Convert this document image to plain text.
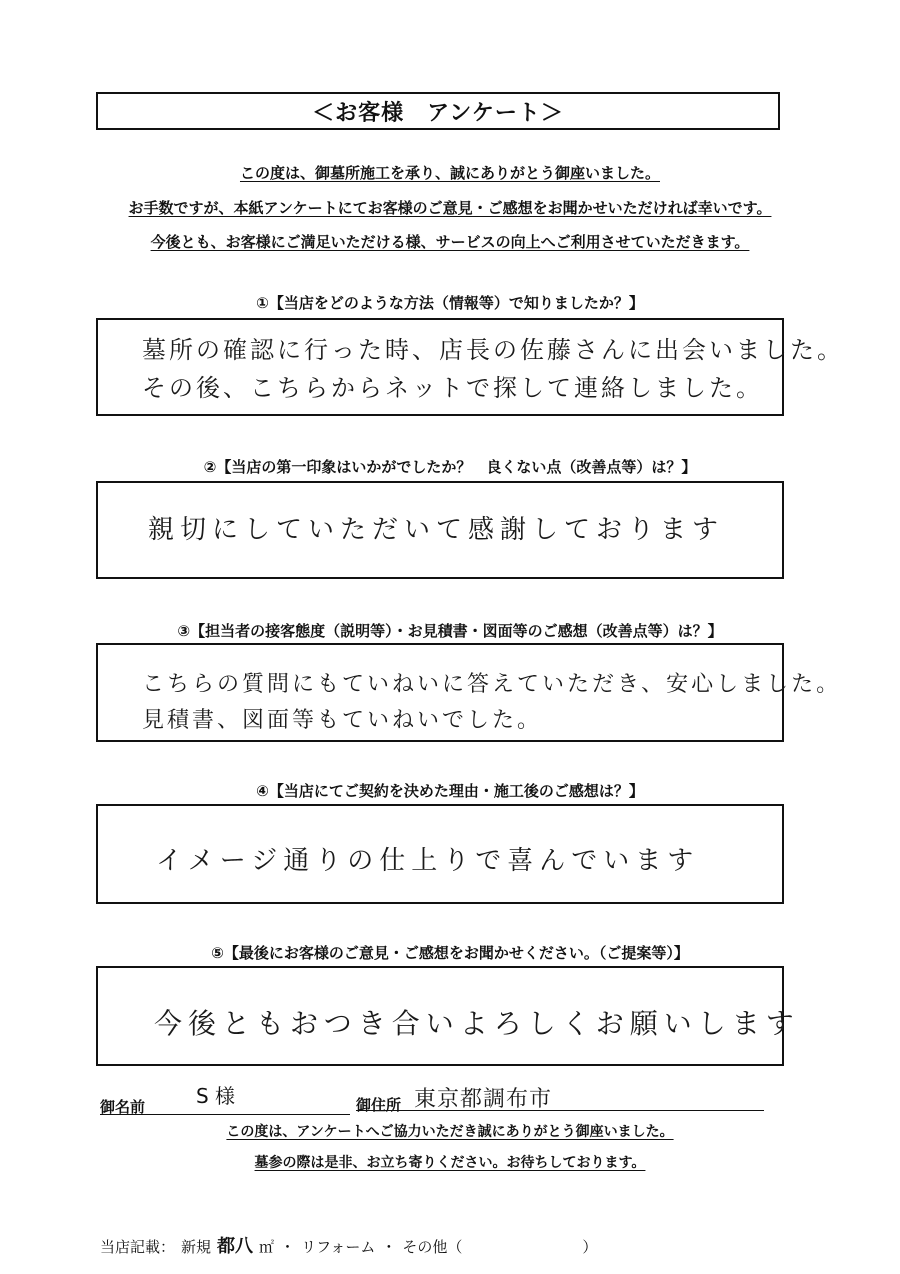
＜お客様　アンケート＞
この度は、御墓所施工を承り、誠にありがとう御座いました。
お手数ですが、本紙アンケートにてお客様のご意見・ご感想をお聞かせいただければ幸いです。
今後とも、お客様にご満足いただける様、サービスの向上へご利用させていただきます。
①【当店をどのような方法（情報等）で知りましたか？】
墓所の確認に行った時、店長の佐藤さんに出会いました。
その後、こちらからネットで探して連絡しました。
②【当店の第一印象はいかがでしたか？　良くない点（改善点等）は？】
親切にしていただいて感謝しております
③【担当者の接客態度（説明等）・お見積書・図面等のご感想（改善点等）は？】
こちらの質問にもていねいに答えていただき、安心しました。
見積書、図面等もていねいでした。
④【当店にてご契約を決めた理由・施工後のご感想は？】
イメージ通りの仕上りで喜んでいます
⑤【最後にお客様のご意見・ご感想をお聞かせください。（ご提案等）】
今後ともおつき合いよろしくお願いします
御名前	S 様	御住所 東京都調布市
この度は、アンケートへご協力いただき誠にありがとう御座いました。
墓参の際は是非、お立ち寄りください。お待ちしております。
当店記載： 新規 都八 ㎡ ・ リフォーム ・ その他（　　　　　　　　）
